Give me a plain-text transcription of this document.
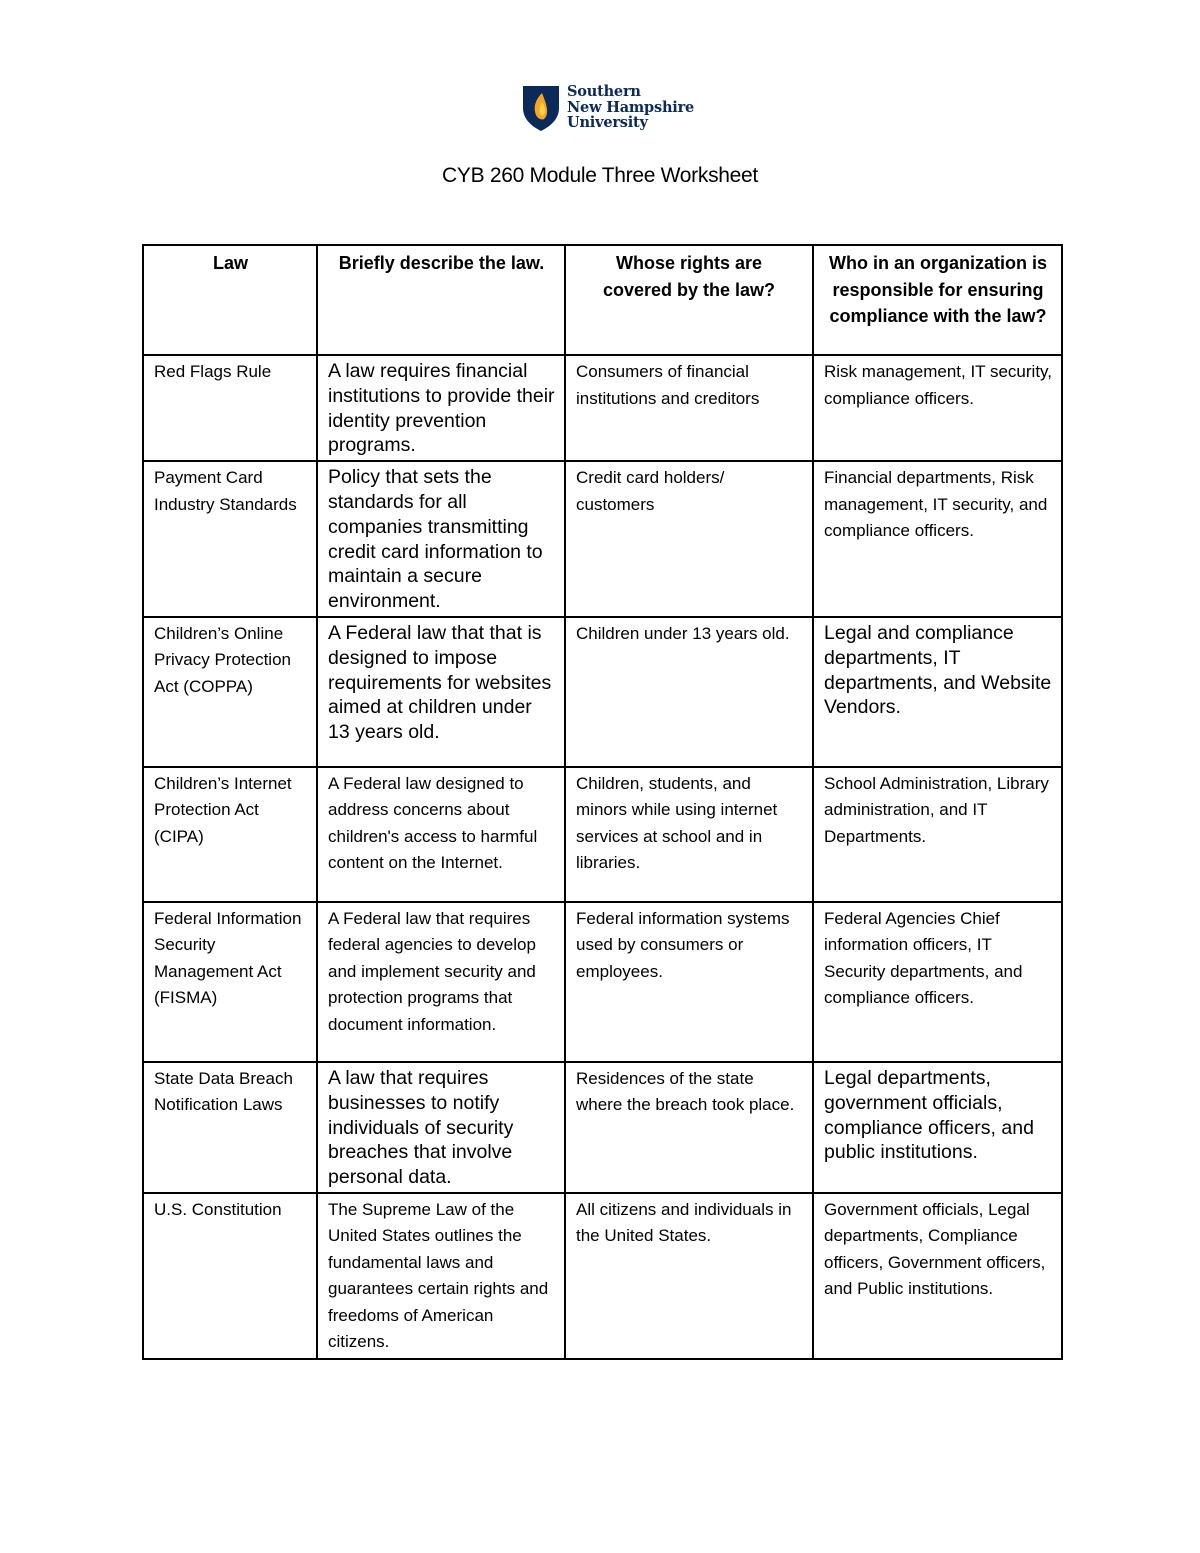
Southern
New Hampshire
University
CYB 260 Module Three Worksheet
Law	Briefly describe the law.	Whose rights are covered by the law?	Who in an organization is responsible for ensuring compliance with the law?
Red Flags Rule	A law requires financial institutions to provide their identity prevention programs.	Consumers of financial institutions and creditors	Risk management, IT security, compliance officers.
Payment Card Industry Standards	Policy that sets the standards for all companies transmitting credit card information to maintain a secure environment.	Credit card holders/ customers	Financial departments, Risk management, IT security, and compliance officers.
Children’s Online Privacy Protection Act (COPPA)	A Federal law that that is designed to impose requirements for websites aimed at children under 13 years old.	Children under 13 years old.	Legal and compliance departments, IT departments, and Website Vendors.
Children’s Internet Protection Act (CIPA)	A Federal law designed to address concerns about children's access to harmful content on the Internet.	Children, students, and minors while using internet services at school and in libraries.	School Administration, Library administration, and IT Departments.
Federal Information Security Management Act (FISMA)	A Federal law that requires federal agencies to develop and implement security and protection programs that document information.	Federal information systems used by consumers or employees.	Federal Agencies Chief information officers, IT Security departments, and compliance officers.
State Data Breach Notification Laws	A law that requires businesses to notify individuals of security breaches that involve personal data.	Residences of the state where the breach took place.	Legal departments, government officials, compliance officers, and public institutions.
U.S. Constitution	The Supreme Law of the United States outlines the fundamental laws and guarantees certain rights and freedoms of American citizens.	All citizens and individuals in the United States.	Government officials, Legal departments, Compliance officers, Government officers, and Public institutions.
